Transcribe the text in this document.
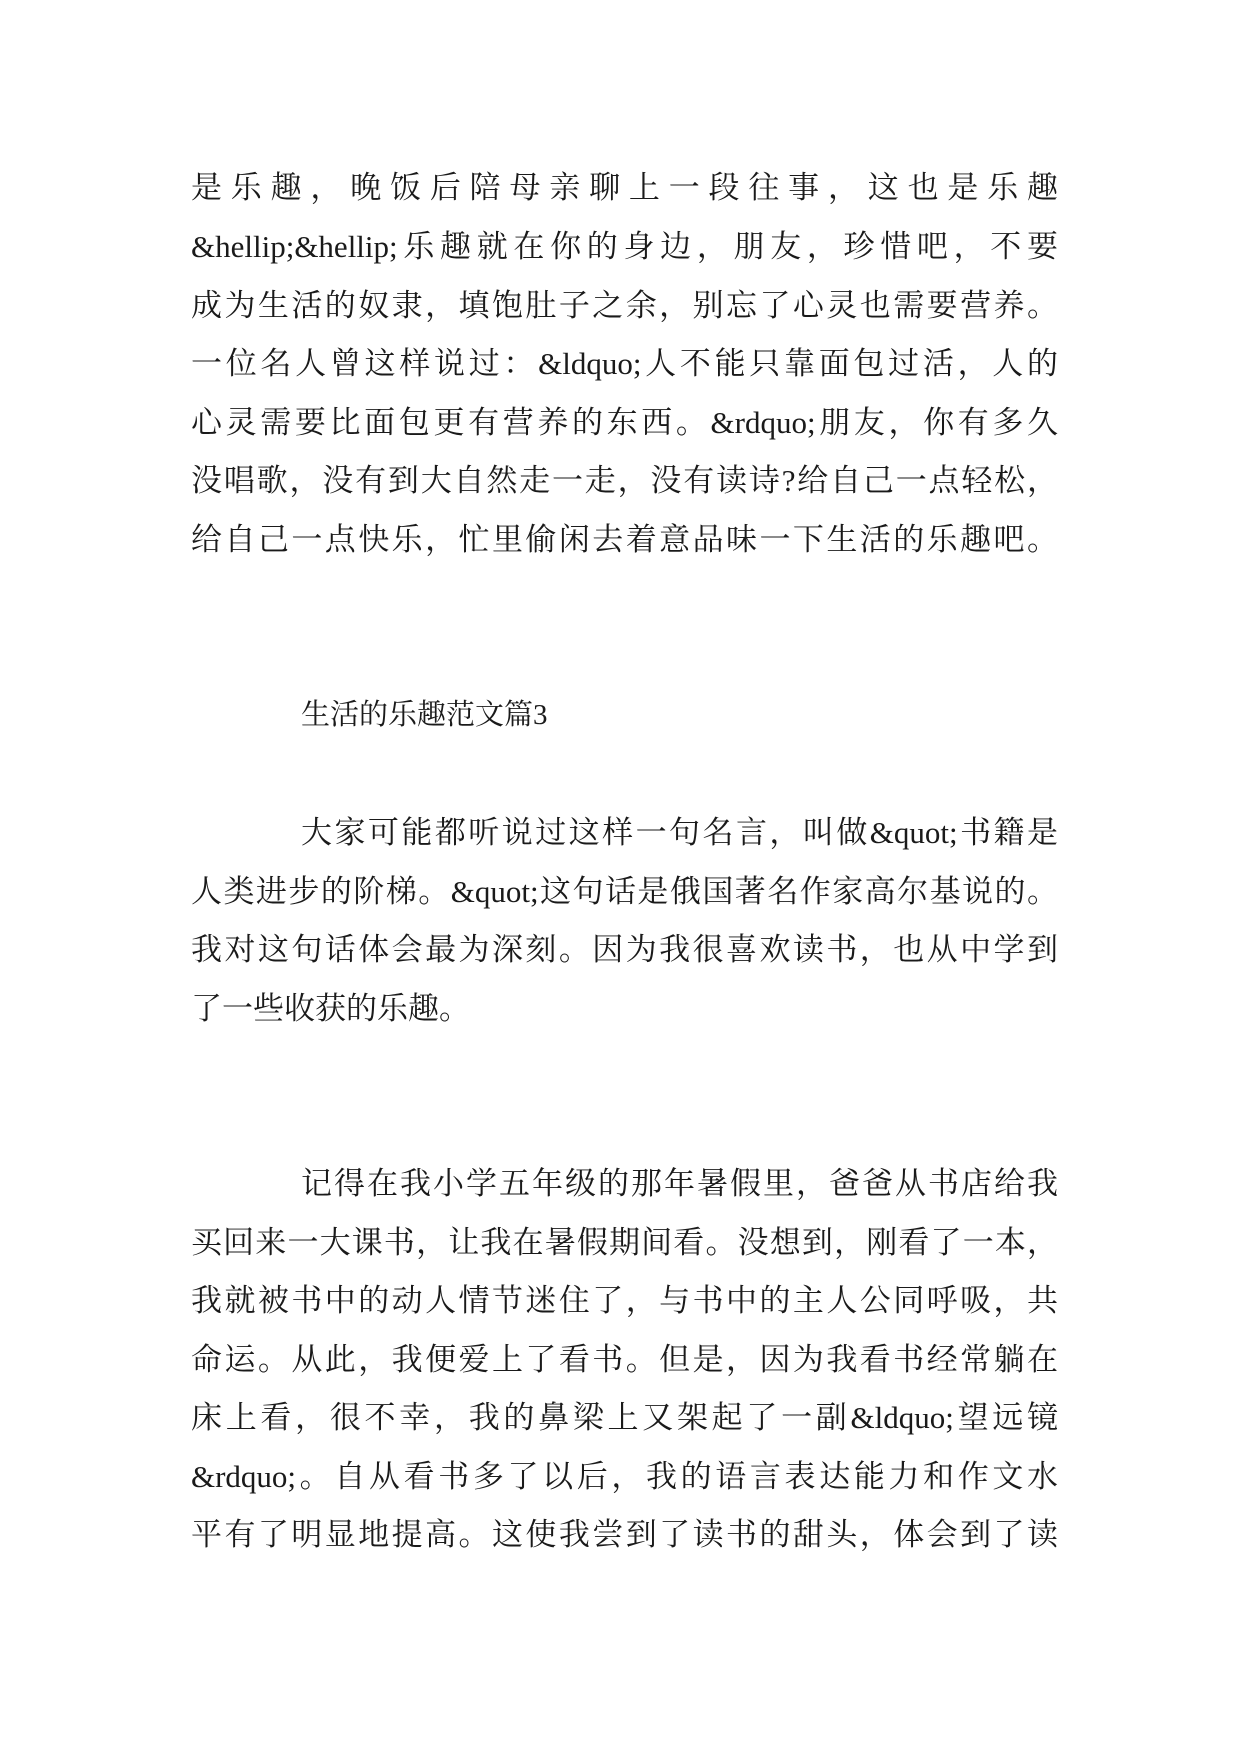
是乐趣，晚饭后陪母亲聊上一段往事，这也是乐趣
&hellip;&hellip;乐趣就在你的身边，朋友，珍惜吧，不要
成为生活的奴隶，填饱肚子之余，别忘了心灵也需要营养。
一位名人曾这样说过：&ldquo;人不能只靠面包过活，人的
心灵需要比面包更有营养的东西。&rdquo;朋友，你有多久
没唱歌，没有到大自然走一走，没有读诗?给自己一点轻松，
给自己一点快乐，忙里偷闲去着意品味一下生活的乐趣吧。
生活的乐趣范文篇3
大家可能都听说过这样一句名言，叫做&quot;书籍是
人类进步的阶梯。&quot;这句话是俄国著名作家高尔基说的。
我对这句话体会最为深刻。因为我很喜欢读书，也从中学到
了一些收获的乐趣。
记得在我小学五年级的那年暑假里，爸爸从书店给我
买回来一大课书，让我在暑假期间看。没想到，刚看了一本，
我就被书中的动人情节迷住了，与书中的主人公同呼吸，共
命运。从此，我便爱上了看书。但是，因为我看书经常躺在
床上看，很不幸，我的鼻梁上又架起了一副&ldquo;望远镜
&rdquo;。自从看书多了以后，我的语言表达能力和作文水
平有了明显地提高。这使我尝到了读书的甜头，体会到了读
